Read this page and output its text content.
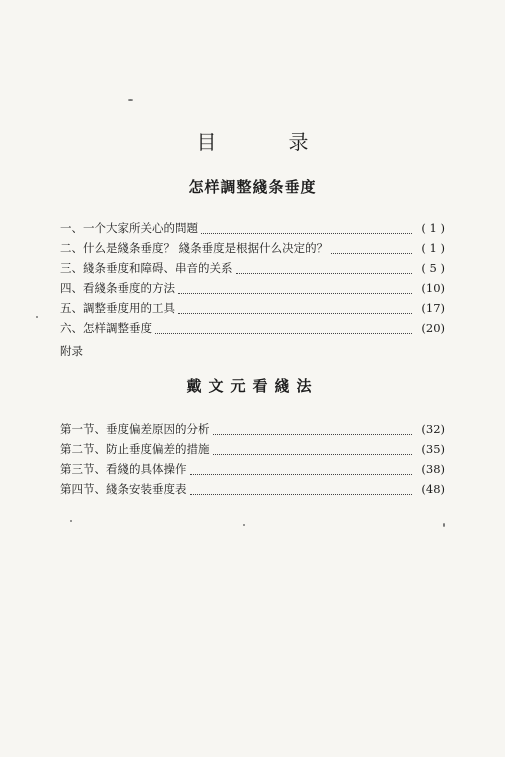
目　录
怎样調整綫条垂度
一、一个大家所关心的問題	( 1 )
二、什么是綫条垂度？ 綫条垂度是根据什么决定的？	( 1 )
三、綫条垂度和障碍、串音的关系	( 5 )
四、看綫条垂度的方法	(10)
五、調整垂度用的工具	(17)
六、怎样調整垂度	(20)
附录
戴文元看綫法
第一节、垂度偏差原因的分析	(32)
第二节、防止垂度偏差的措施	(35)
第三节、看綫的具体操作	(38)
第四节、綫条安装垂度表	(48)
